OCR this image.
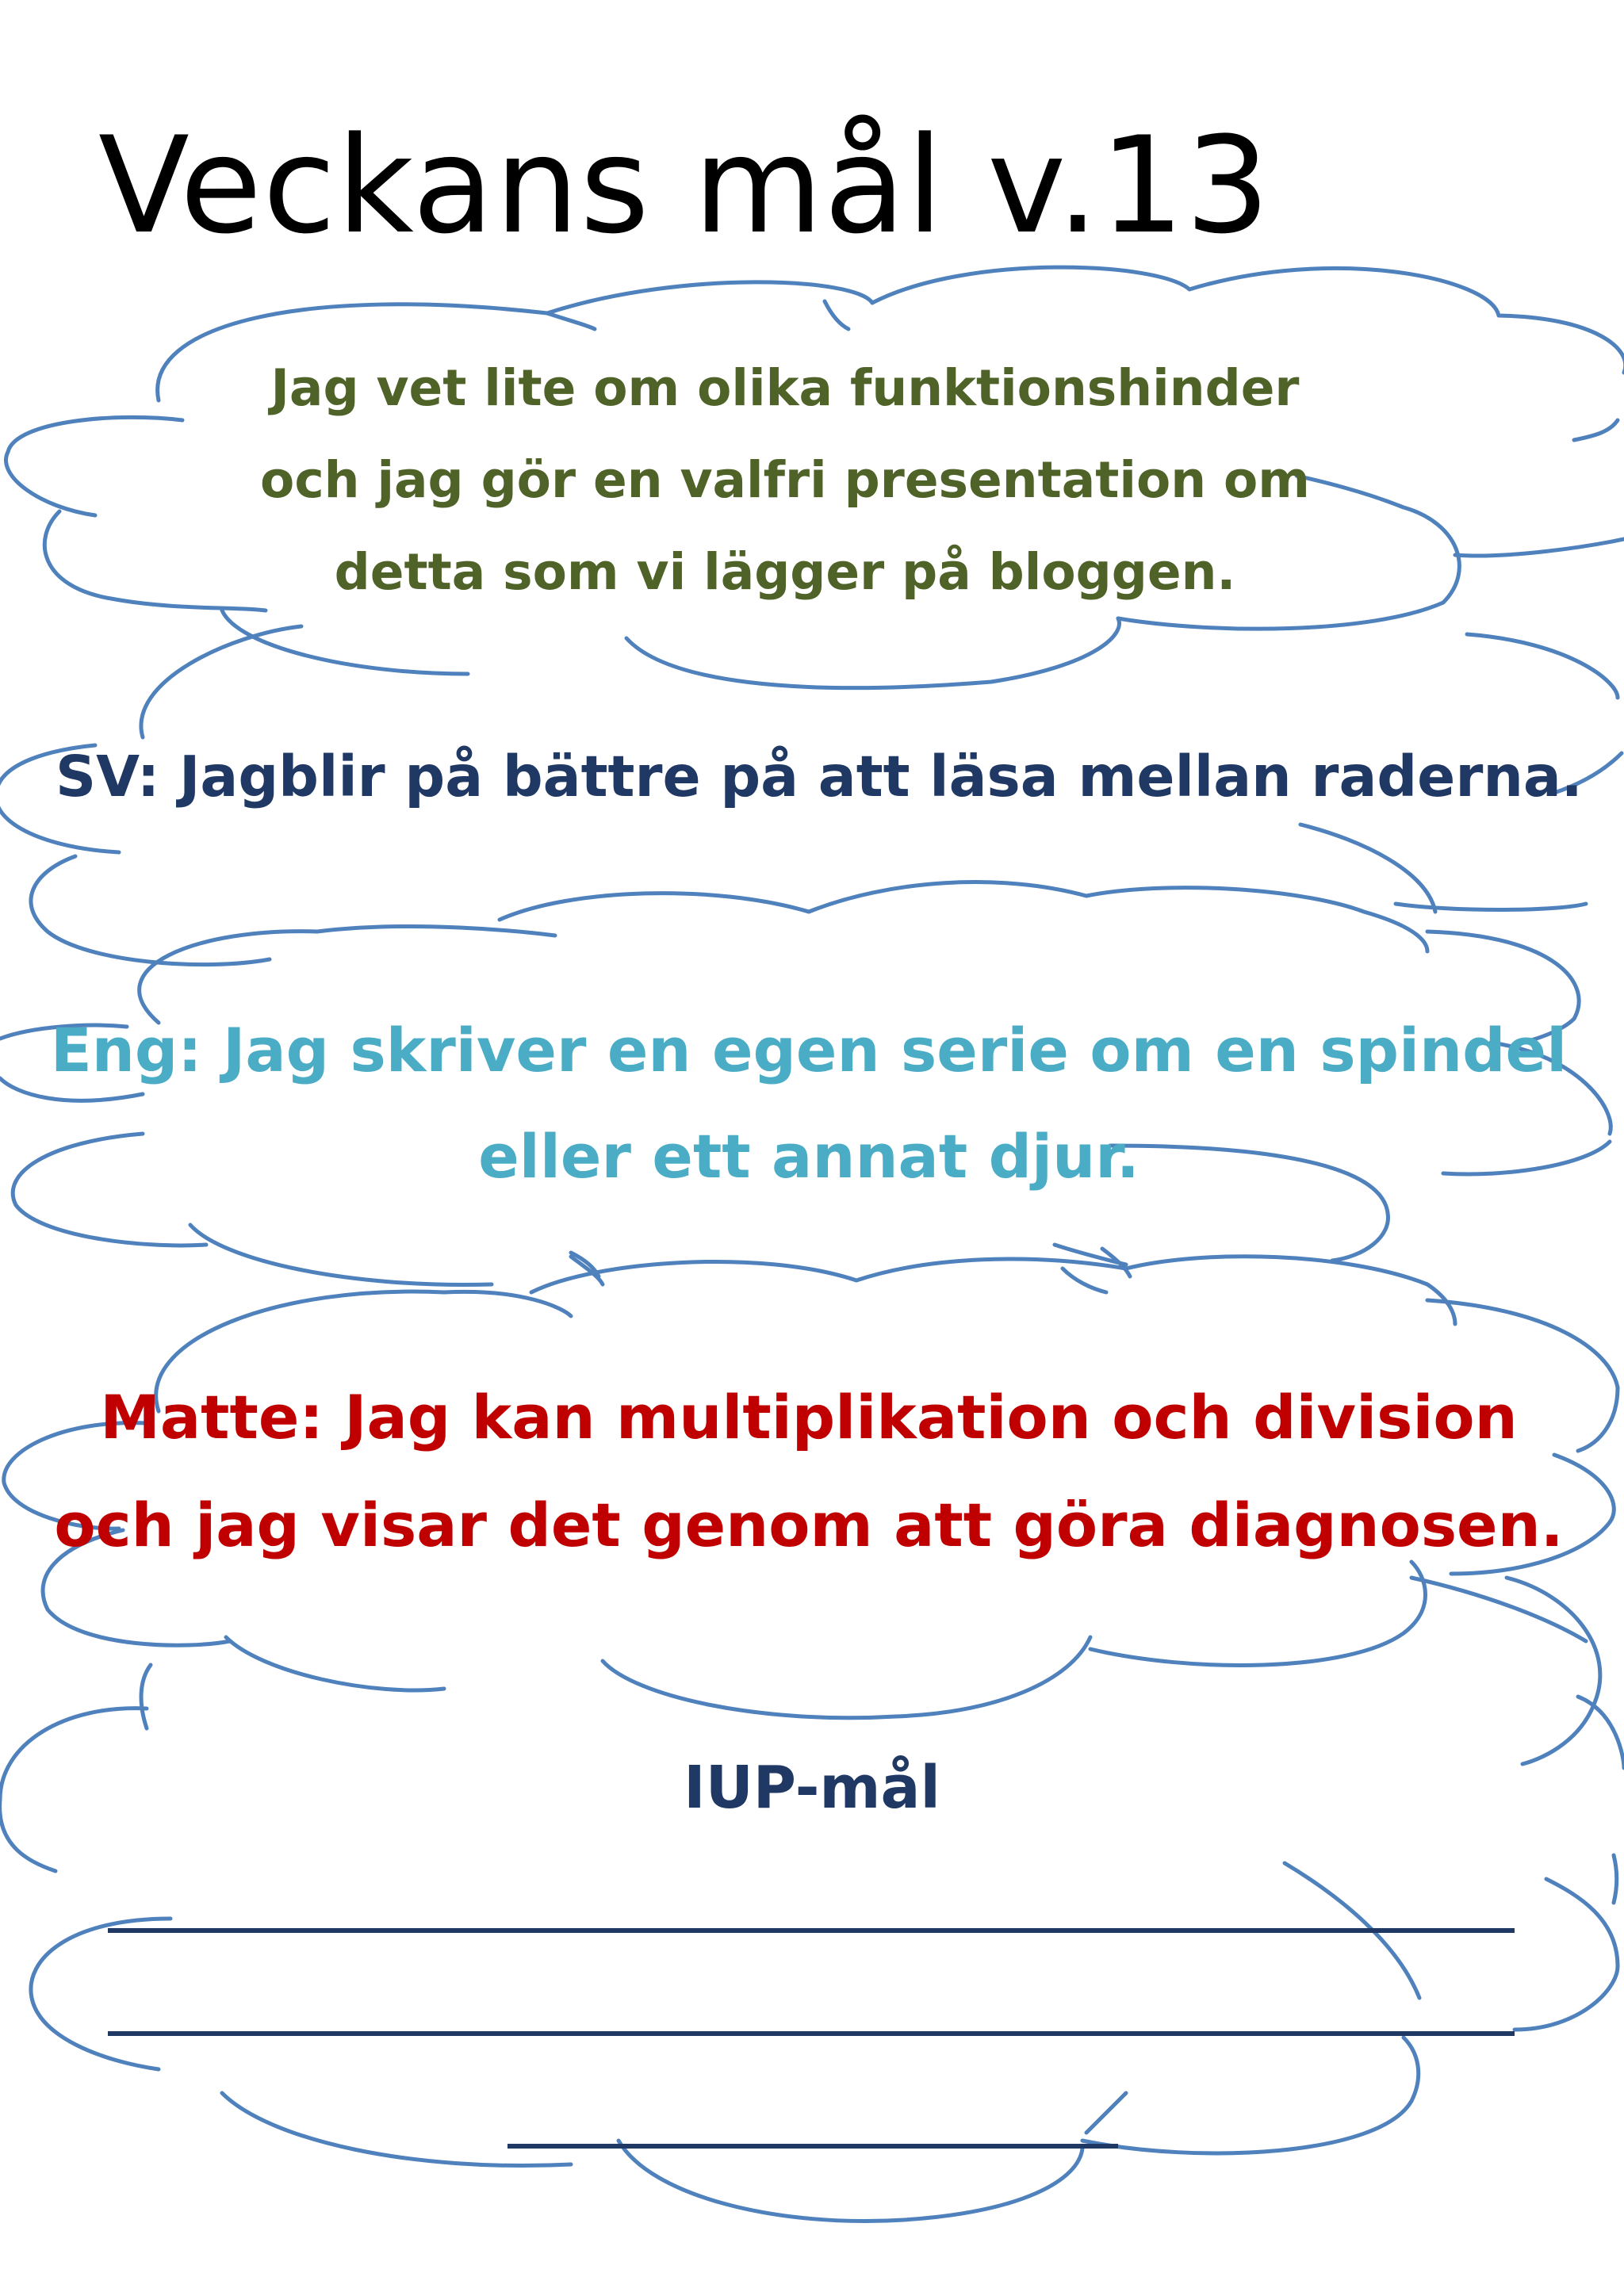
Veckans mål v.13
Jag vet lite om olika funktionshinder
och jag gör en valfri presentation om
detta som vi lägger på bloggen.
SV: Jagblir på bättre på att läsa mellan raderna.
Eng: Jag skriver en egen serie om en spindel
eller ett annat djur.
Matte: Jag kan multiplikation och division
och jag visar det genom att göra diagnosen.
IUP-mål
